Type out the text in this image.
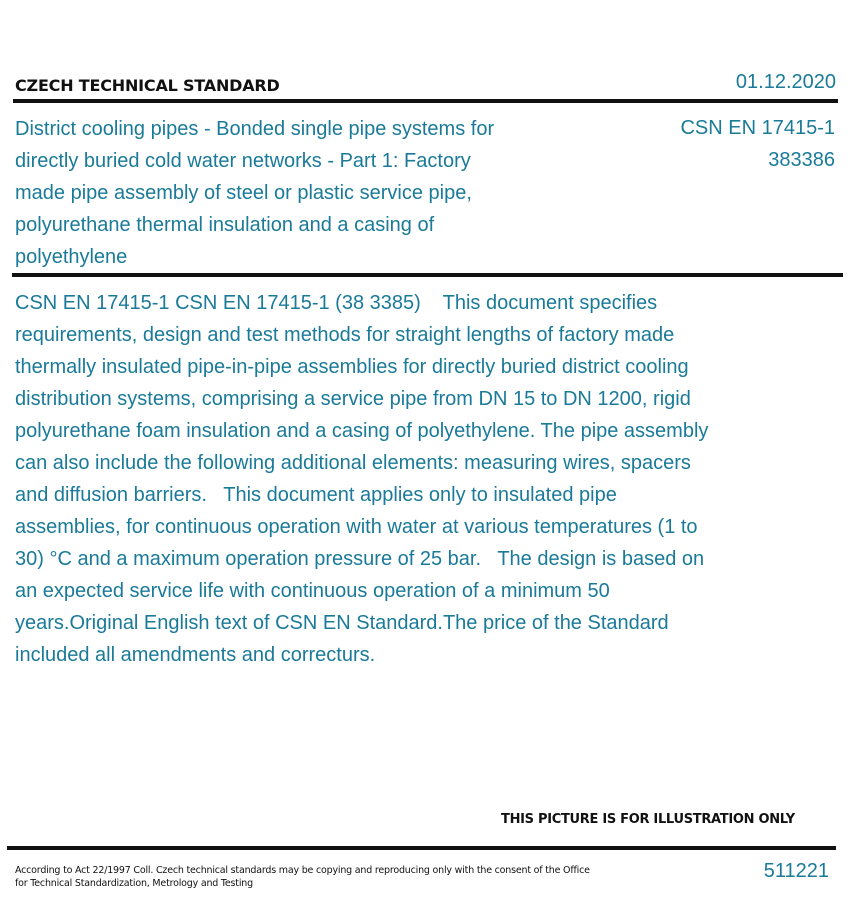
CZECH TECHNICAL STANDARD	01.12.2020

District cooling pipes - Bonded single pipe systems for directly buried cold water networks - Part 1: Factory made pipe assembly of steel or plastic service pipe, polyurethane thermal insulation and a casing of polyethylene

CSN EN 17415-1
383386

CSN EN 17415-1 CSN EN 17415-1 (38 3385)    This document specifies requirements, design and test methods for straight lengths of factory made thermally insulated pipe-in-pipe assemblies for directly buried district cooling distribution systems, comprising a service pipe from DN 15 to DN 1200, rigid polyurethane foam insulation and a casing of polyethylene. The pipe assembly can also include the following additional elements: measuring wires, spacers and diffusion barriers.   This document applies only to insulated pipe assemblies, for continuous operation with water at various temperatures (1 to 30) °C and a maximum operation pressure of 25 bar.   The design is based on an expected service life with continuous operation of a minimum 50 years.Original English text of CSN EN Standard.The price of the Standard included all amendments and correcturs.

THIS PICTURE IS FOR ILLUSTRATION ONLY

According to Act 22/1997 Coll. Czech technical standards may be copying and reproducing only with the consent of the Office for Technical Standardization, Metrology and Testing

511221
